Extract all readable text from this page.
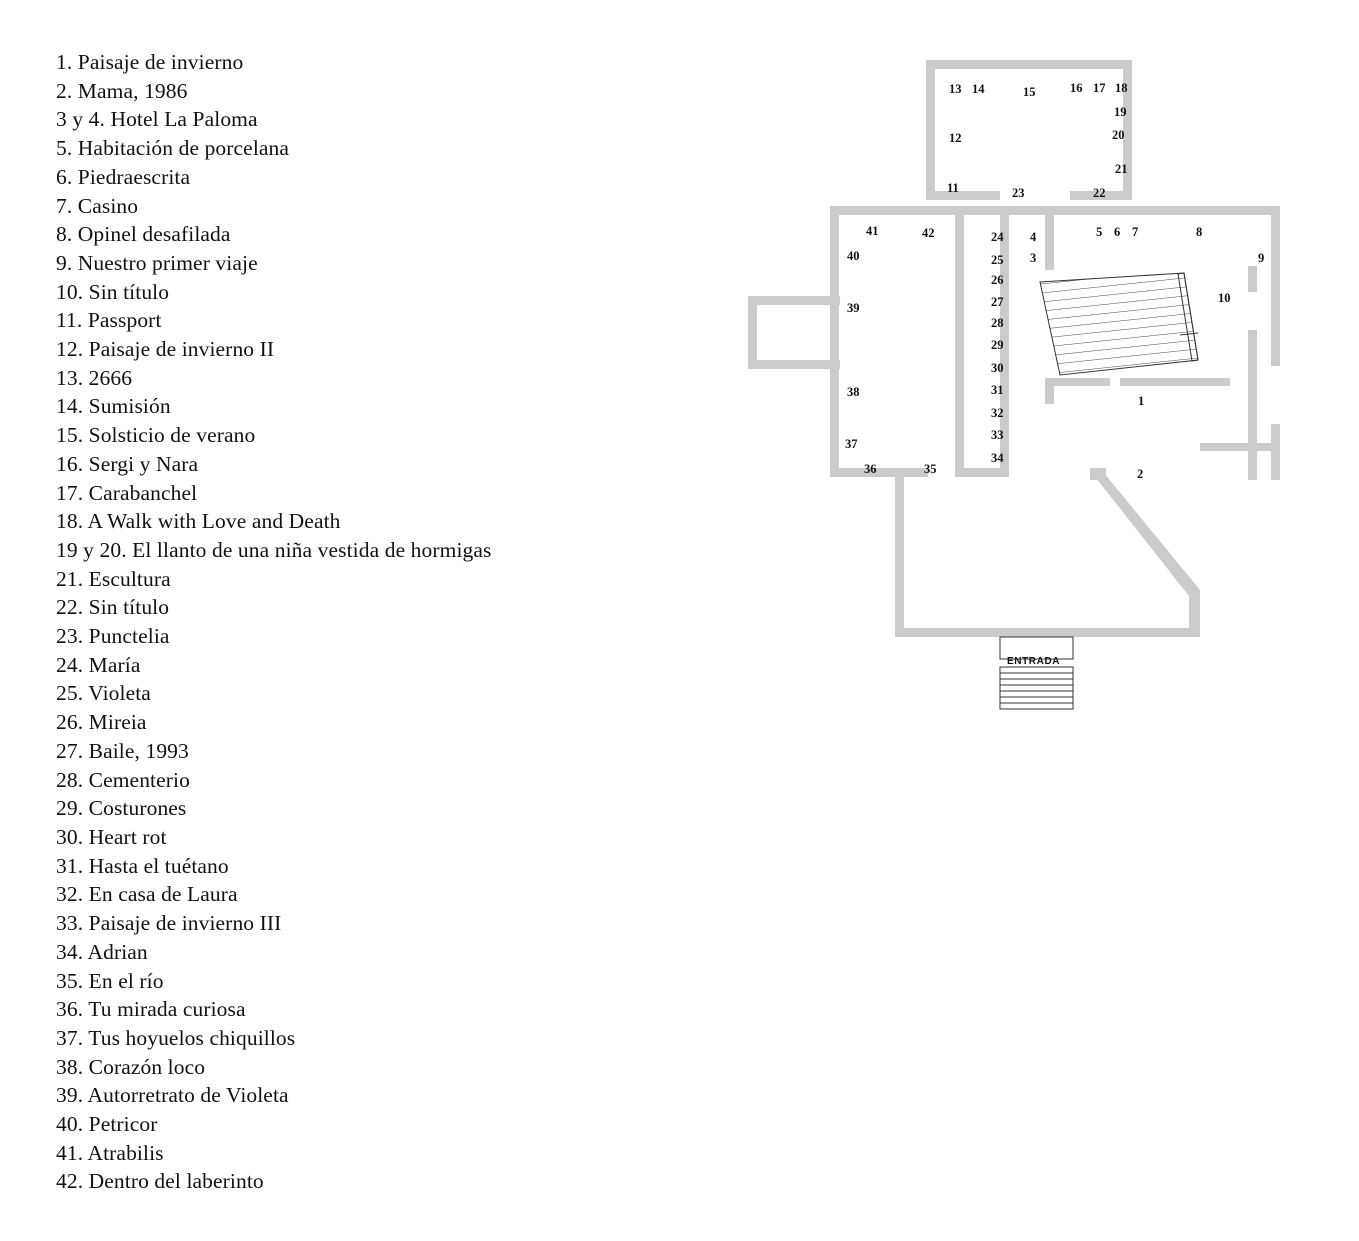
1. Paisaje de invierno
2. Mama, 1986
3 y 4. Hotel La Paloma
5. Habitación de porcelana
6. Piedraescrita
7. Casino
8. Opinel desafilada
9. Nuestro primer viaje
10. Sin título
11. Passport
12. Paisaje de invierno II
13. 2666
14. Sumisión
15. Solsticio de verano
16. Sergi y Nara
17. Carabanchel
18. A Walk with Love and Death
19 y 20. El llanto de una niña vestida de hormigas
21. Escultura
22. Sin título
23. Punctelia
24. María
25. Violeta
26. Mireia
27. Baile, 1993
28. Cementerio
29. Costurones
30. Heart rot
31. Hasta el tuétano
32. En casa de Laura
33. Paisaje de invierno III
34. Adrian
35. En el río
36. Tu mirada curiosa
37. Tus hoyuelos chiquillos
38. Corazón loco
39. Autorretrato de Violeta
40. Petricor
41. Atrabilis
42. Dentro del laberinto
ENTRADA
13 14	15	16 17 18
19
20
12
21
11	23	22
41	42	24 4	5 6 7	8
40	25 3	9
26
39	27	10
28
29
30
38	31
32
1
33
37
34
36	35	2
